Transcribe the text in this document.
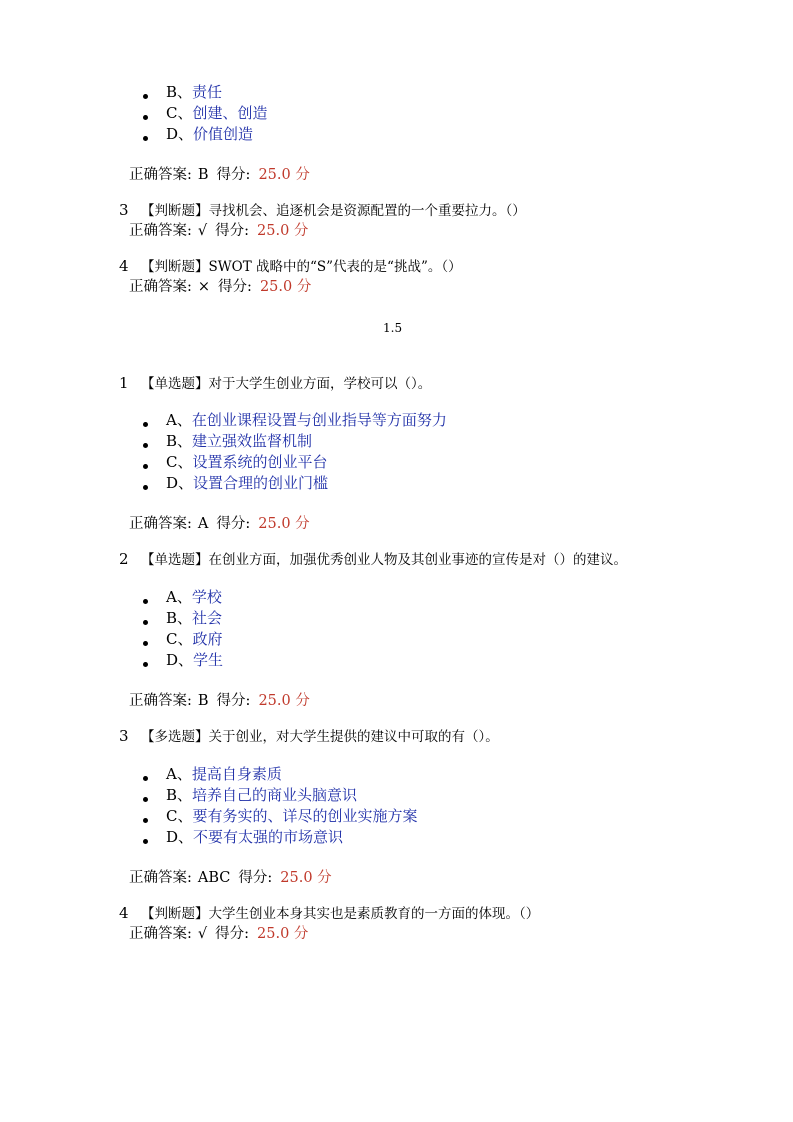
B、责任
C、创建、创造
D、价值创造
正确答案: B 得分: 25.0 分
3 【判断题】寻找机会、追逐机会是资源配置的一个重要拉力。（）
正确答案: √ 得分: 25.0 分
4 【判断题】SWOT 战略中的“S”代表的是“挑战”。（）
正确答案: × 得分: 25.0 分
1.5
1 【单选题】对于大学生创业方面，学校可以（）。
A、在创业课程设置与创业指导等方面努力
B、建立强效监督机制
C、设置系统的创业平台
D、设置合理的创业门槛
正确答案: A 得分: 25.0 分
2 【单选题】在创业方面，加强优秀创业人物及其创业事迹的宣传是对（）的建议。
A、学校
B、社会
C、政府
D、学生
正确答案: B 得分: 25.0 分
3 【多选题】关于创业，对大学生提供的建议中可取的有（）。
A、提高自身素质
B、培养自己的商业头脑意识
C、要有务实的、详尽的创业实施方案
D、不要有太强的市场意识
正确答案: ABC 得分: 25.0 分
4 【判断题】大学生创业本身其实也是素质教育的一方面的体现。（）
正确答案: √ 得分: 25.0 分
